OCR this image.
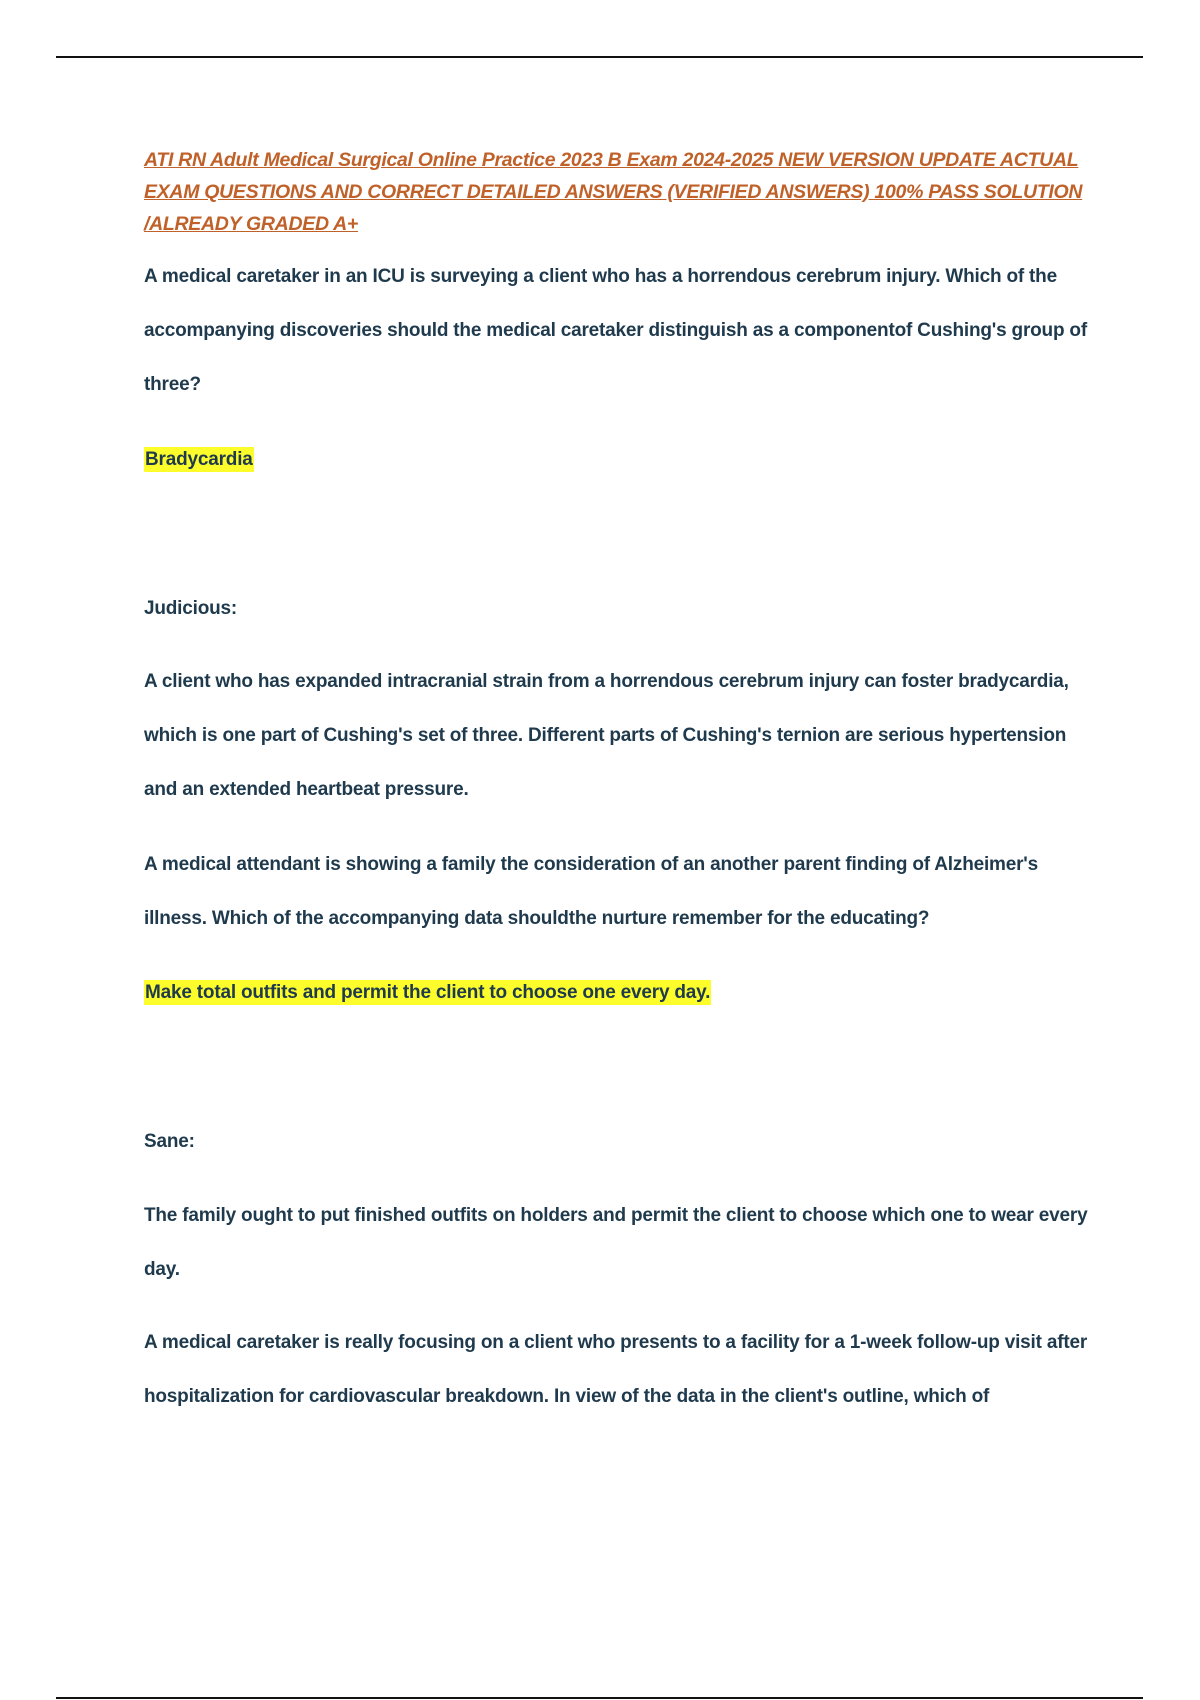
ATI RN Adult Medical Surgical Online Practice 2023 B Exam 2024-2025 NEW VERSION UPDATE ACTUAL EXAM QUESTIONS AND CORRECT DETAILED ANSWERS (VERIFIED ANSWERS) 100% PASS SOLUTION /ALREADY GRADED A+

A medical caretaker in an ICU is surveying a client who has a horrendous cerebrum injury. Which of the accompanying discoveries should the medical caretaker distinguish as a componentof Cushing's group of three?

Bradycardia

Judicious:

A client who has expanded intracranial strain from a horrendous cerebrum injury can foster bradycardia, which is one part of Cushing's set of three. Different parts of Cushing's ternion are serious hypertension and an extended heartbeat pressure.

A medical attendant is showing a family the consideration of an another parent finding of Alzheimer's illness. Which of the accompanying data shouldthe nurture remember for the educating?

Make total outfits and permit the client to choose one every day.

Sane:

The family ought to put finished outfits on holders and permit the client to choose which one to wear every day.

A medical caretaker is really focusing on a client who presents to a facility for a 1-week follow-up visit after hospitalization for cardiovascular breakdown. In view of the data in the client's outline, which of
